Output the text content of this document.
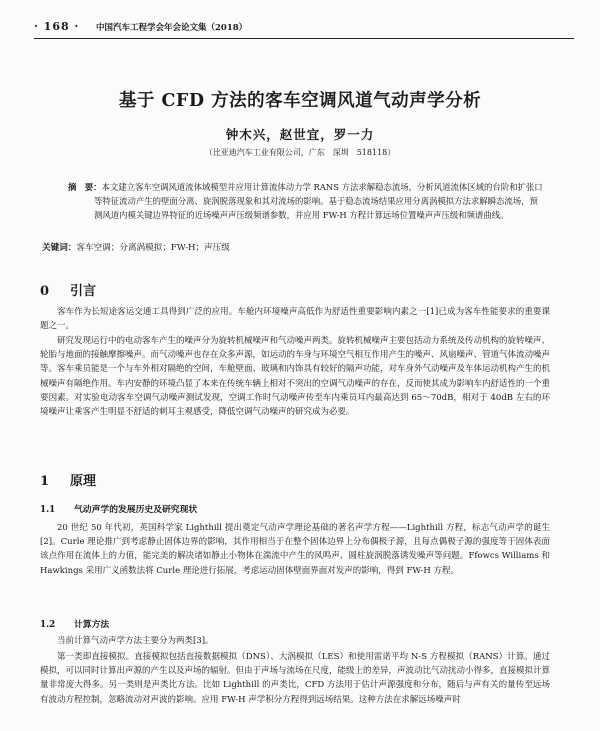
· 168 · 中国汽车工程学会年会论文集（2018）
基于 CFD 方法的客车空调风道气动声学分析
钟木兴，赵世宜，罗一力
（比亚迪汽车工业有限公司，广东　深圳　518118）
摘　要：本文建立客车空调风道流体域模型并应用计算流体动力学 RANS 方法求解稳态流场，分析风道流体区域的台阶和扩张口等特征流动产生的壁面分离、旋涡脱落现象和其对流场的影响。基于稳态流场结果应用分离涡模拟方法求解瞬态流场，预测风道内模关键边界特征的近场噪声声压级频谱参数，并应用 FW-H 方程计算远场位置噪声声压级和频谱曲线。
关键词：客车空调；分离涡模拟；FW-H；声压级
0 引言

客车作为长短途客运交通工具得到广泛的应用。车舱内环境噪声高低作为舒适性重要影响内素之一[1]已成为客车性能要求的重要课题之一。

研究发现运行中的电动客车产生的噪声分为旋转机械噪声和气动噪声两类。旋转机械噪声主要包括动力系统及传动机构的旋转噪声、轮胎与地面的接触摩擦噪声。而气动噪声也存在众多声源，如运动的车身与环境空气相互作用产生的噪声、风扇噪声、管道气体流动噪声等。客车乘员能是一个与车外相对隔绝的空间，车舱壁面、玻璃和内饰具有较好的隔声功能，对车身外气动噪声及车体运动机构产生的机械噪声有隔绝作用。车内安静的环境凸显了本来在传统车辆上相对不突出的空调气动噪声的存在，反而使其成为影响车内舒适性的一个重要因素。对实验电动客车空调气动噪声测试发现，空调工作时气动噪声传至车内乘员耳内最高达到 65～70dB，相对于 40dB 左右的环境噪声让乘客产生明显不舒适的刺耳主观感受，降低空调气动噪声的研究成为必要。

1 原理
1.1 气动声学的发展历史及研究现状

20 世纪 50 年代初，英国科学家 Lighthill 提出奠定气动声学理论基础的著名声学方程——Lighthill 方程，标志气动声学的诞生[2]。Curle 理论推广到考虑静止固体边界的影响，其作用相当于在整个固体边界上分布偶极子源，且每点偶极子源的强度等于固体表面该点作用在流体上的力值，能完美的解决诸如静止小物体在湍流中产生的风鸣声、圆柱旋涡脱落诱发噪声等问题。Ffowcs Williams 和 Hawkings 采用广义函数法将 Curle 理论进行拓展，考虑运动固体壁面界面对发声的影响，得到 FW-H 方程。

1.2 计算方法

当前计算气动声学方法主要分为两类[3]。

第一类即直接模拟。直接模拟包括直接数据模拟（DNS）、大涡模拟（LES）和使用雷诺平均 N-S 方程模拟（RANS）计算。通过模拟，可以同时计算出声源的产生以及声场的辐射。但由于声场与流场在尺度，能级上的差异，声波动比气动扰动小得多，直接模拟计算量非常庞大得多。另一类则是声类比方法。比如 Lighthill 的声类比，CFD 方法用于估计声源强度和分布，随后与声有关的量传至远场有波动方程控制，忽略流动对声波的影响。应用 FW-H 声学积分方程得到远场结果。这种方法在求解远场噪声时
